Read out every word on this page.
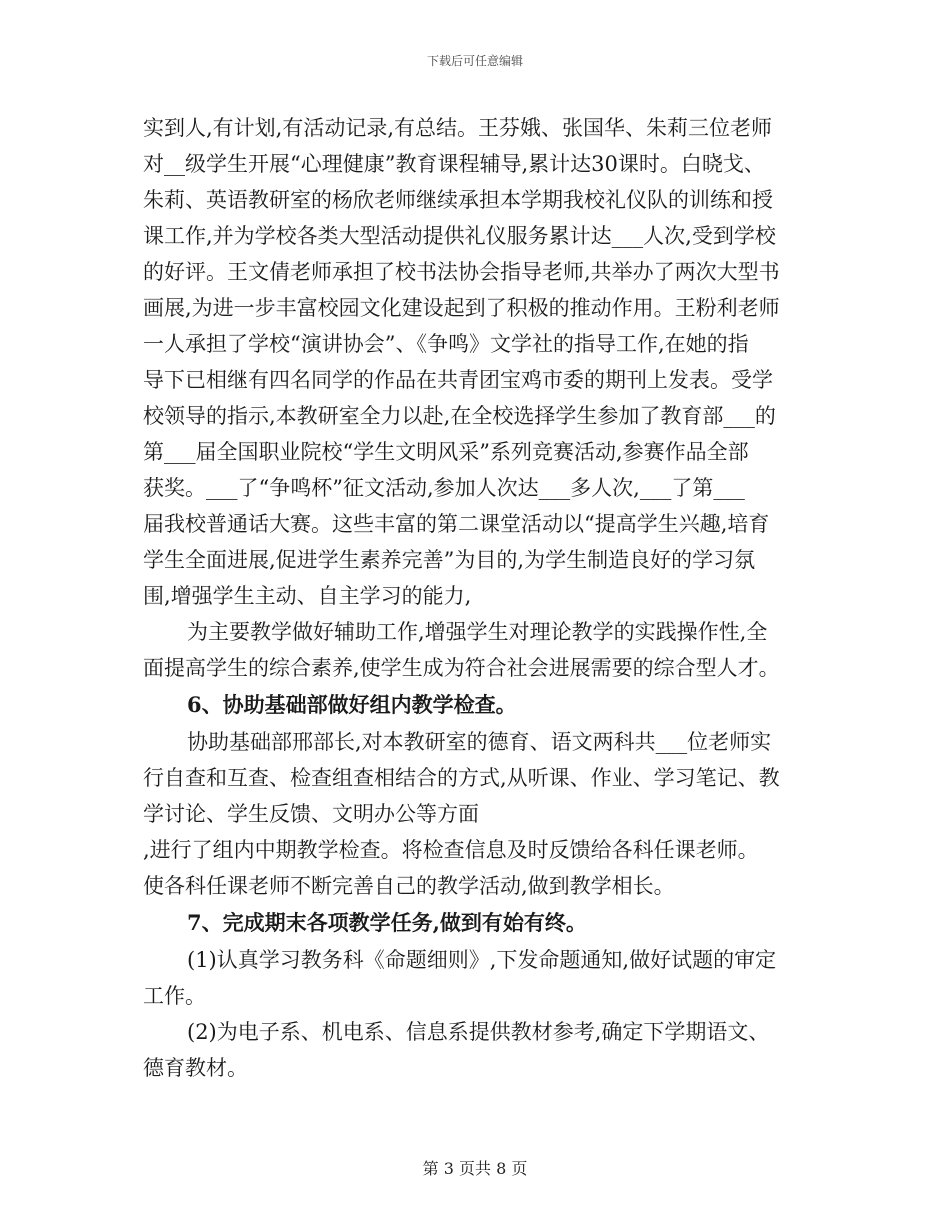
下载后可任意编辑
实到人,有计划,有活动记录,有总结。王芬娥、张国华、朱莉三位老师
对__级学生开展“心理健康”教育课程辅导,累计达30课时。白晓戈、
朱莉、英语教研室的杨欣老师继续承担本学期我校礼仪队的训练和授
课工作,并为学校各类大型活动提供礼仪服务累计达___人次,受到学校
的好评。王文倩老师承担了校书法协会指导老师,共举办了两次大型书
画展,为进一步丰富校园文化建设起到了积极的推动作用。王粉利老师
一人承担了学校“演讲协会”、《争鸣》文学社的指导工作,在她的指
导下已相继有四名同学的作品在共青团宝鸡市委的期刊上发表。受学
校领导的指示,本教研室全力以赴,在全校选择学生参加了教育部___的
第___届全国职业院校“学生文明风采”系列竞赛活动,参赛作品全部
获奖。___了“争鸣杯”征文活动,参加人次达___多人次,___了第___
届我校普通话大赛。这些丰富的第二课堂活动以“提高学生兴趣,培育
学生全面进展,促进学生素养完善”为目的,为学生制造良好的学习氛
围,增强学生主动、自主学习的能力,
为主要教学做好辅助工作,增强学生对理论教学的实践操作性,全
面提高学生的综合素养,使学生成为符合社会进展需要的综合型人才。
6、协助基础部做好组内教学检查。
协助基础部邢部长,对本教研室的德育、语文两科共___位老师实
行自查和互查、检查组查相结合的方式,从听课、作业、学习笔记、教
学讨论、学生反馈、文明办公等方面
,进行了组内中期教学检查。将检查信息及时反馈给各科任课老师。
使各科任课老师不断完善自己的教学活动,做到教学相长。
7、完成期末各项教学任务,做到有始有终。
(1)认真学习教务科《命题细则》,下发命题通知,做好试题的审定
工作。
(2)为电子系、机电系、信息系提供教材参考,确定下学期语文、
德育教材。
第 3 页共 8 页
